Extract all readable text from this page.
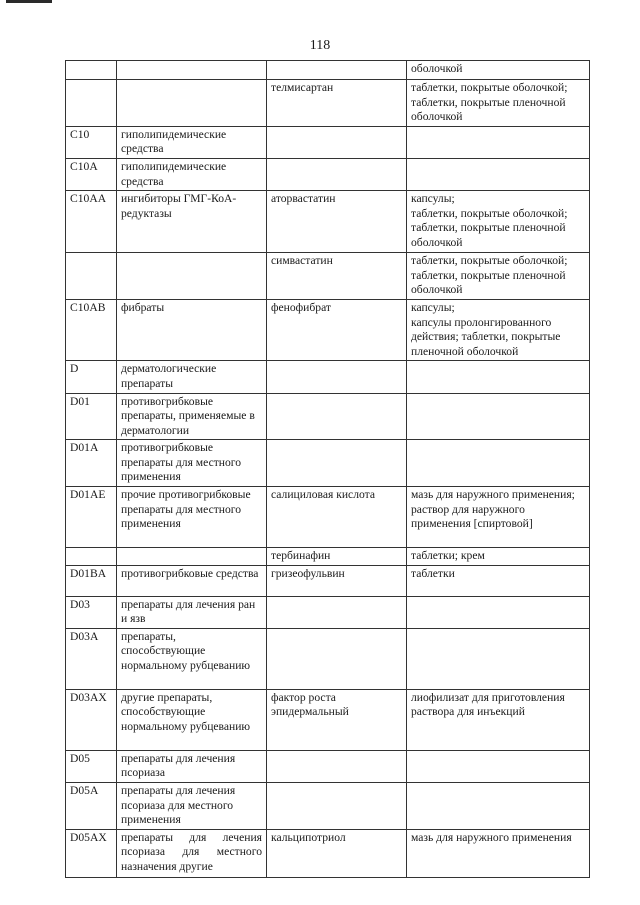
118
			оболочкой
		телмисартан	таблетки, покрытые оболочкой;
таблетки, покрытые пленочной оболочкой
C10	гиполипидемические средства		
C10A	гиполипидемические средства		
C10AA	ингибиторы ГМГ-КоА-редуктазы	аторвастатин	капсулы;
таблетки, покрытые оболочкой;
таблетки, покрытые пленочной оболочкой
		симвастатин	таблетки, покрытые оболочкой;
таблетки, покрытые пленочной оболочкой
C10AB	фибраты	фенофибрат	капсулы;
капсулы пролонгированного действия; таблетки, покрытые пленочной оболочкой
D	дерматологические препараты		
D01	противогрибковые препараты, применяемые в дерматологии		
D01A	противогрибковые препараты для местного применения		
D01AE	прочие противогрибковые препараты для местного применения	салициловая кислота	мазь для наружного применения;
раствор для наружного применения [спиртовой]
		тербинафин	таблетки; крем
D01BA	противогрибковые средства	гризеофульвин	таблетки
D03	препараты для лечения ран и язв		
D03A	препараты, способствующие нормальному рубцеванию		
D03AX	другие препараты, способствующие нормальному рубцеванию	фактор роста эпидермальный	лиофилизат для приготовления раствора для инъекций
D05	препараты для лечения псориаза		
D05A	препараты для лечения псориаза для местного применения		
D05AX	препараты для лечения псориаза для местного назначения другие	кальципотриол	мазь для наружного применения
